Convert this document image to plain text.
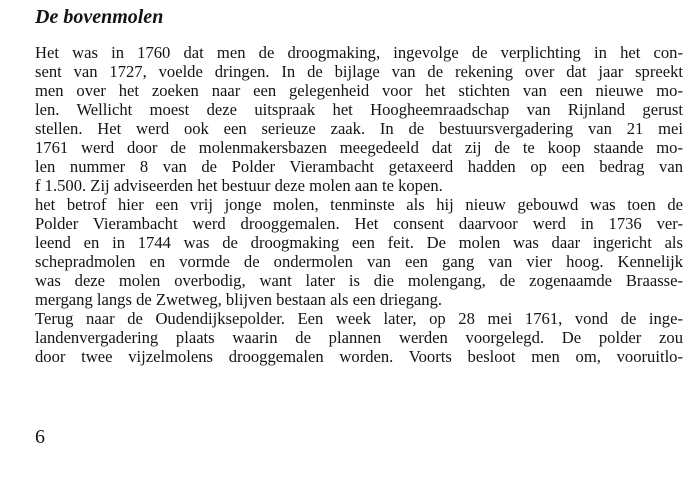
De bovenmolen
Het was in 1760 dat men de droogmaking, ingevolge de verplichting in het con-
sent van 1727, voelde dringen. In de bijlage van de rekening over dat jaar spreekt
men over het zoeken naar een gelegenheid voor het stichten van een nieuwe mo-
len. Wellicht moest deze uitspraak het Hoogheemraadschap van Rijnland gerust
stellen. Het werd ook een serieuze zaak. In de bestuursvergadering van 21 mei
1761 werd door de molenmakersbazen meegedeeld dat zij de te koop staande mo-
len nummer 8 van de Polder Vierambacht getaxeerd hadden op een bedrag van
f 1.500. Zij adviseerden het bestuur deze molen aan te kopen.
het betrof hier een vrij jonge molen, tenminste als hij nieuw gebouwd was toen de
Polder Vierambacht werd drooggemalen. Het consent daarvoor werd in 1736 ver-
leend en in 1744 was de droogmaking een feit. De molen was daar ingericht als
schepradmolen en vormde de ondermolen van een gang van vier hoog. Kennelijk
was deze molen overbodig, want later is die molengang, de zogenaamde Braasse-
mergang langs de Zwetweg, blijven bestaan als een driegang.
Terug naar de Oudendijksepolder. Een week later, op 28 mei 1761, vond de inge-
landenvergadering plaats waarin de plannen werden voorgelegd. De polder zou
door twee vijzelmolens drooggemalen worden. Voorts besloot men om, vooruitlo-
6
